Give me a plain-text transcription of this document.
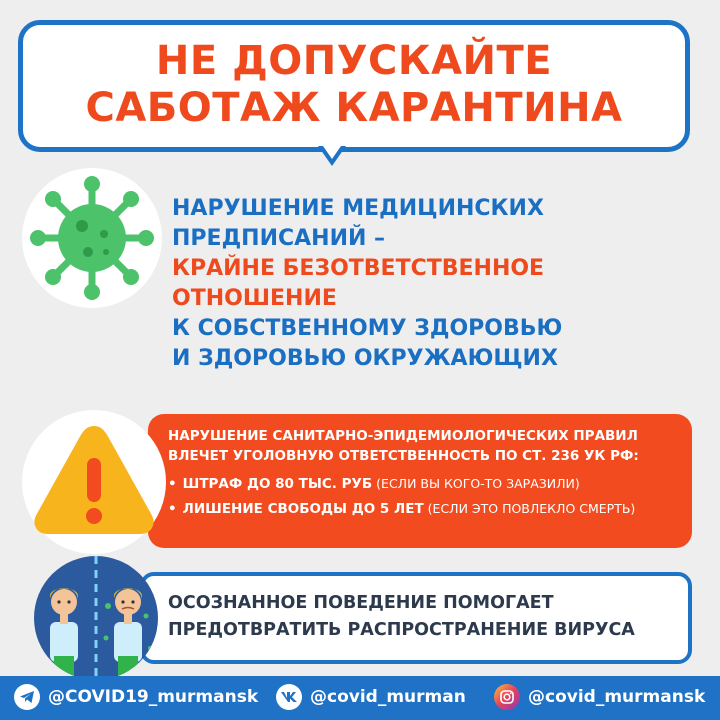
НЕ ДОПУСКАЙТЕ
САБОТАЖ КАРАНТИНА
НАРУШЕНИЕ МЕДИЦИНСКИХ
ПРЕДПИСАНИЙ –
КРАЙНЕ БЕЗОТВЕТСТВЕННОЕ
ОТНОШЕНИЕ
К СОБСТВЕННОМУ ЗДОРОВЬЮ
И ЗДОРОВЬЮ ОКРУЖАЮЩИХ
НАРУШЕНИЕ САНИТАРНО-ЭПИДЕМИОЛОГИЧЕСКИХ ПРАВИЛ
ВЛЕЧЕТ УГОЛОВНУЮ ОТВЕТСТВЕННОСТЬ ПО СТ. 236 УК РФ:
• ШТРАФ ДО 80 ТЫС. РУБ (ЕСЛИ ВЫ КОГО-ТО ЗАРАЗИЛИ)
• ЛИШЕНИЕ СВОБОДЫ ДО 5 ЛЕТ (ЕСЛИ ЭТО ПОВЛЕКЛО СМЕРТЬ)
ОСОЗНАННОЕ ПОВЕДЕНИЕ ПОМОГАЕТ
ПРЕДОТВРАТИТЬ РАСПРОСТРАНЕНИЕ ВИРУСА
@COVID19_murmansk	@covid_murman	@covid_murmansk
